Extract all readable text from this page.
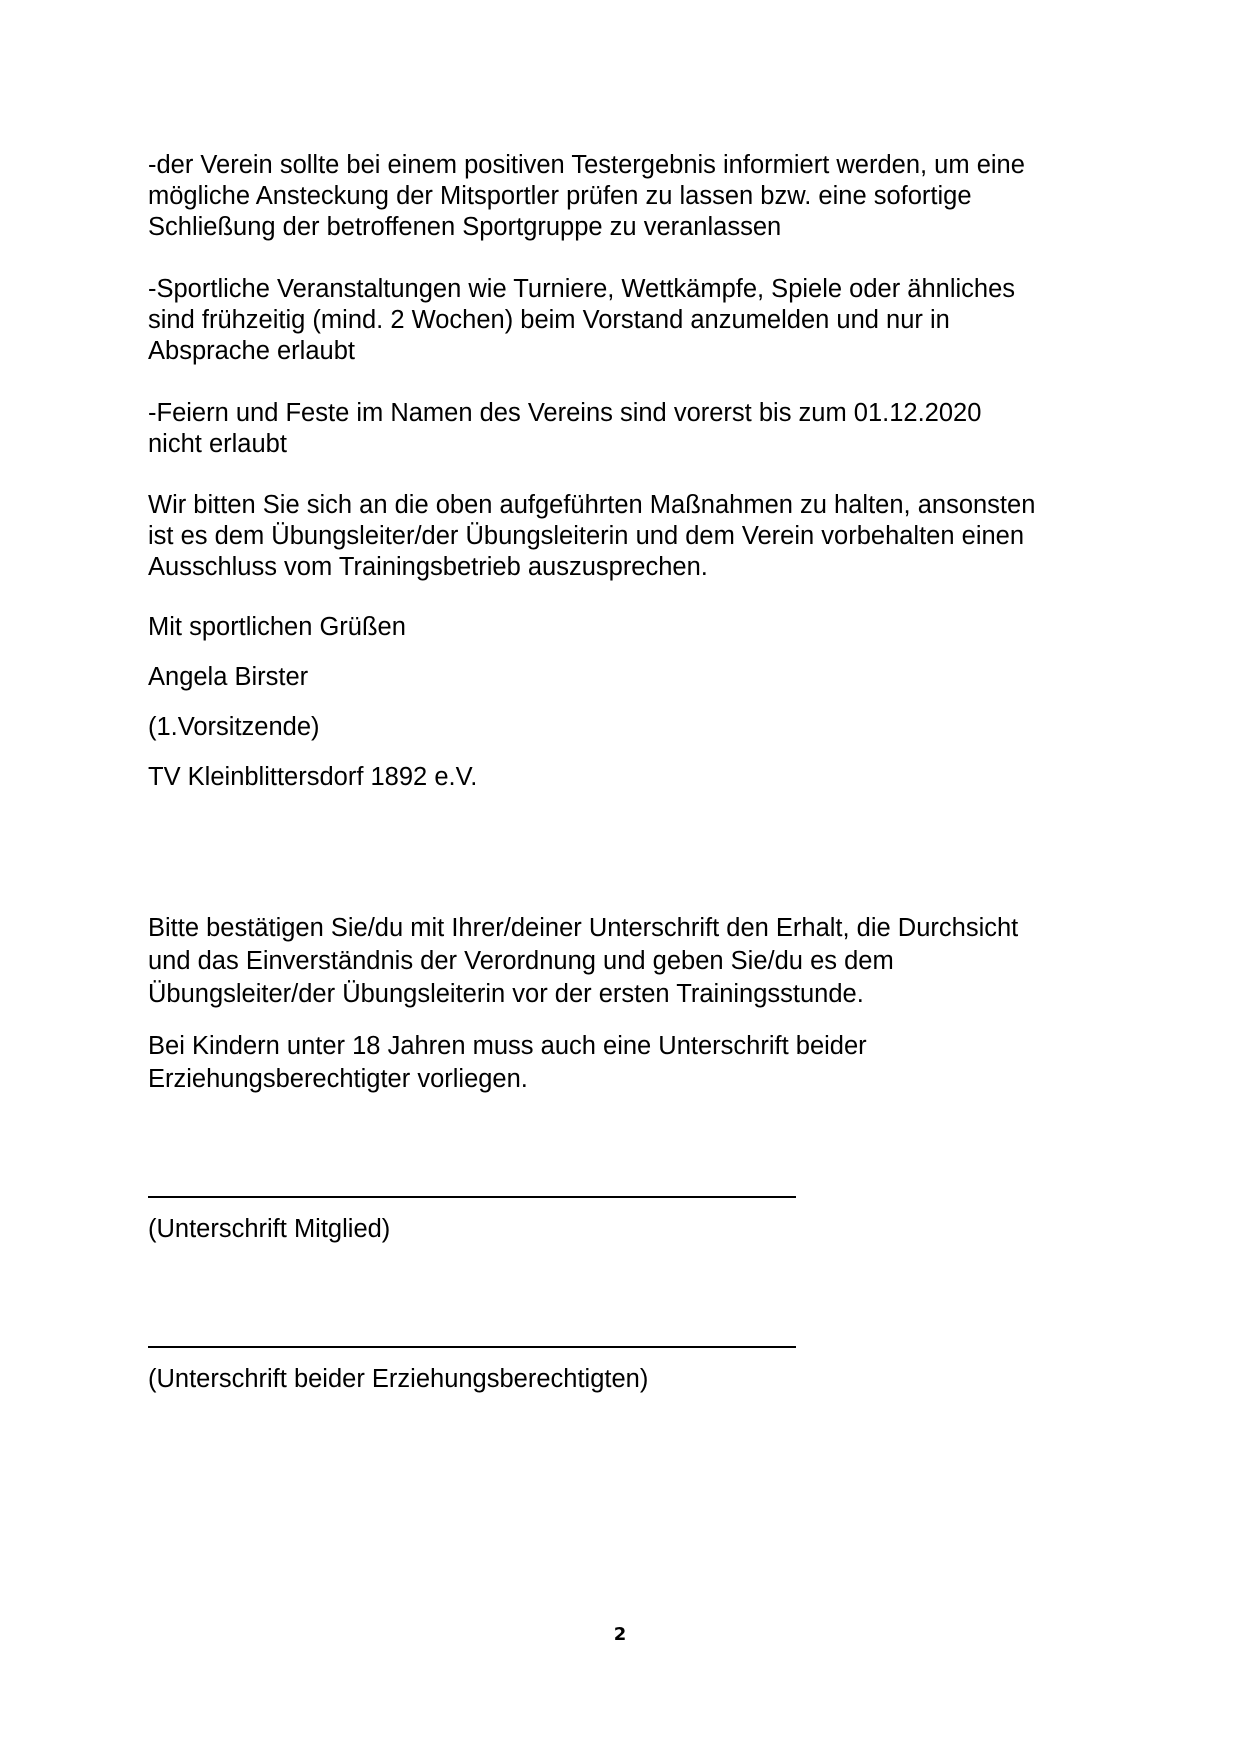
-der Verein sollte bei einem positiven Testergebnis informiert werden, um eine
mögliche Ansteckung der Mitsportler prüfen zu lassen bzw. eine sofortige
Schließung der betroffenen Sportgruppe zu veranlassen
-Sportliche Veranstaltungen wie Turniere, Wettkämpfe, Spiele oder ähnliches
sind frühzeitig (mind. 2 Wochen) beim Vorstand anzumelden und nur in
Absprache erlaubt
-Feiern und Feste im Namen des Vereins sind vorerst bis zum 01.12.2020
nicht erlaubt
Wir bitten Sie sich an die oben aufgeführten Maßnahmen zu halten, ansonsten
ist es dem Übungsleiter/der Übungsleiterin und dem Verein vorbehalten einen
Ausschluss vom Trainingsbetrieb auszusprechen.
Mit sportlichen Grüßen
Angela Birster
(1.Vorsitzende)
TV Kleinblittersdorf 1892 e.V.
Bitte bestätigen Sie/du mit Ihrer/deiner Unterschrift den Erhalt, die Durchsicht
und das Einverständnis der Verordnung und geben Sie/du es dem
Übungsleiter/der Übungsleiterin vor der ersten Trainingsstunde.
Bei Kindern unter 18 Jahren muss auch eine Unterschrift beider
Erziehungsberechtigter vorliegen.
(Unterschrift Mitglied)
(Unterschrift beider Erziehungsberechtigten)
2
